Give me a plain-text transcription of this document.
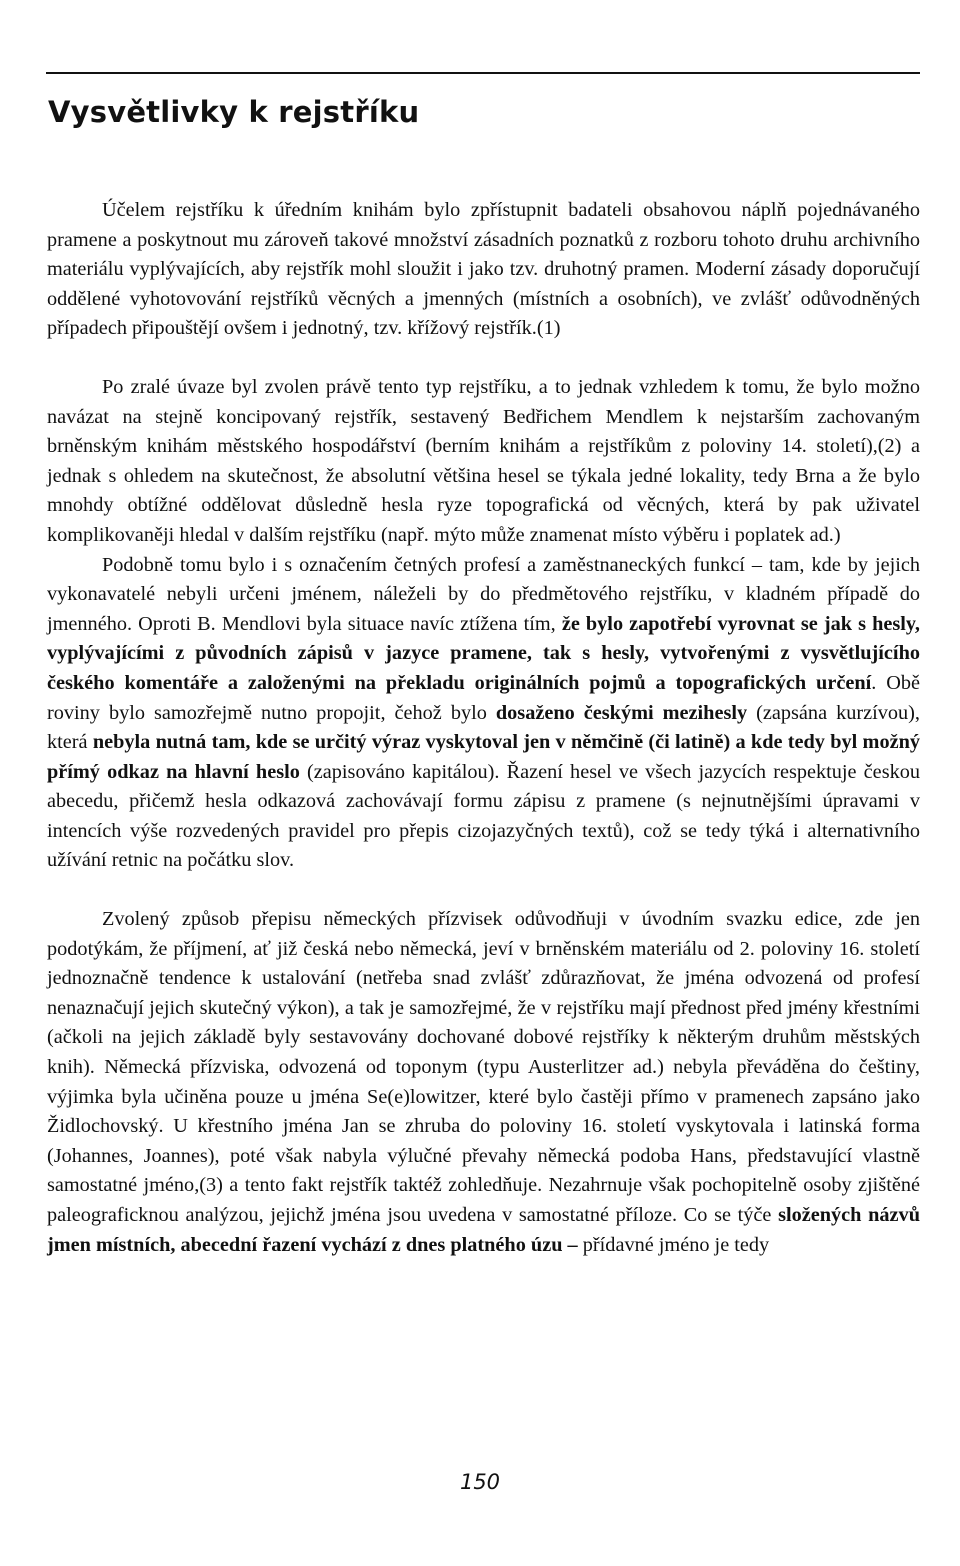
Vysvětlivky k rejstříku

Účelem rejstříku k úředním knihám bylo zpřístupnit badateli obsahovou náplň pojednávaného pramene a poskytnout mu zároveň takové množství zásadních poznatků z rozboru tohoto druhu archivního materiálu vyplývajících, aby rejstřík mohl sloužit i jako tzv. druhotný pramen. Moderní zásady doporučují oddělené vyhotovování rejstříků věcných a jmenných (místních a osobních), ve zvlášť odůvodněných případech připouštějí ovšem i jednotný, tzv. křížový rejstřík.(1)

Po zralé úvaze byl zvolen právě tento typ rejstříku, a to jednak vzhledem k tomu, že bylo možno navázat na stejně koncipovaný rejstřík, sestavený Bedřichem Mendlem k nejstarším zachovaným brněnským knihám městského hospodářství (berním knihám a rejstříkům z poloviny 14. století),(2) a jednak s ohledem na skutečnost, že absolutní většina hesel se týkala jedné lokality, tedy Brna a že bylo mnohdy obtížné oddělovat důsledně hesla ryze topografická od věcných, která by pak uživatel komplikovaněji hledal v dalším rejstříku (např. mýto může znamenat místo výběru i poplatek ad.)

Podobně tomu bylo i s označením četných profesí a zaměstnaneckých funkcí – tam, kde by jejich vykonavatelé nebyli určeni jménem, náleželi by do předmětového rejstříku, v kladném případě do jmenného. Oproti B. Mendlovi byla situace navíc ztížena tím, že bylo zapotřebí vyrovnat se jak s hesly, vyplývajícími z původních zápisů v jazyce pramene, tak s hesly, vytvořenými z vysvětlujícího českého komentáře a založenými na překladu originálních pojmů a topografických určení. Obě roviny bylo samozřejmě nutno propojit, čehož bylo dosaženo českými mezihesly (zapsána kurzívou), která nebyla nutná tam, kde se určitý výraz vyskytoval jen v němčině (či latině) a kde tedy byl možný přímý odkaz na hlavní heslo (zapisováno kapitálou). Řazení hesel ve všech jazycích respektuje českou abecedu, přičemž hesla odkazová zachovávají formu zápisu z pramene (s nejnutnějšími úpravami v intencích výše rozvedených pravidel pro přepis cizojazyčných textů), což se tedy týká i alternativního užívání retnic na počátku slov.

Zvolený způsob přepisu německých přízvisek odůvodňuji v úvodním svazku edice, zde jen podotýkám, že příjmení, ať již česká nebo německá, jeví v brněnském materiálu od 2. poloviny 16. století jednoznačně tendence k ustalování (netřeba snad zvlášť zdůrazňovat, že jména odvozená od profesí nenaznačují jejich skutečný výkon), a tak je samozřejmé, že v rejstříku mají přednost před jmény křestními (ačkoli na jejich základě byly sestavovány dochované dobové rejstříky k některým druhům městských knih). Německá přízviska, odvozená od toponym (typu Austerlitzer ad.) nebyla převáděna do češtiny, výjimka byla učiněna pouze u jména Se(e)lowitzer, které bylo častěji přímo v pramenech zapsáno jako Židlochovský. U křestního jména Jan se zhruba do poloviny 16. století vyskytovala i latinská forma (Johannes, Joannes), poté však nabyla výlučné převahy německá podoba Hans, představující vlastně samostatné jméno,(3) a tento fakt rejstřík taktéž zohledňuje. Nezahrnuje však pochopitelně osoby zjištěné paleograficknou analýzou, jejichž jména jsou uvedena v samostatné příloze. Co se týče složených názvů jmen místních, abecední řazení vychází z dnes platného úzu – přídavné jméno je tedy

150
